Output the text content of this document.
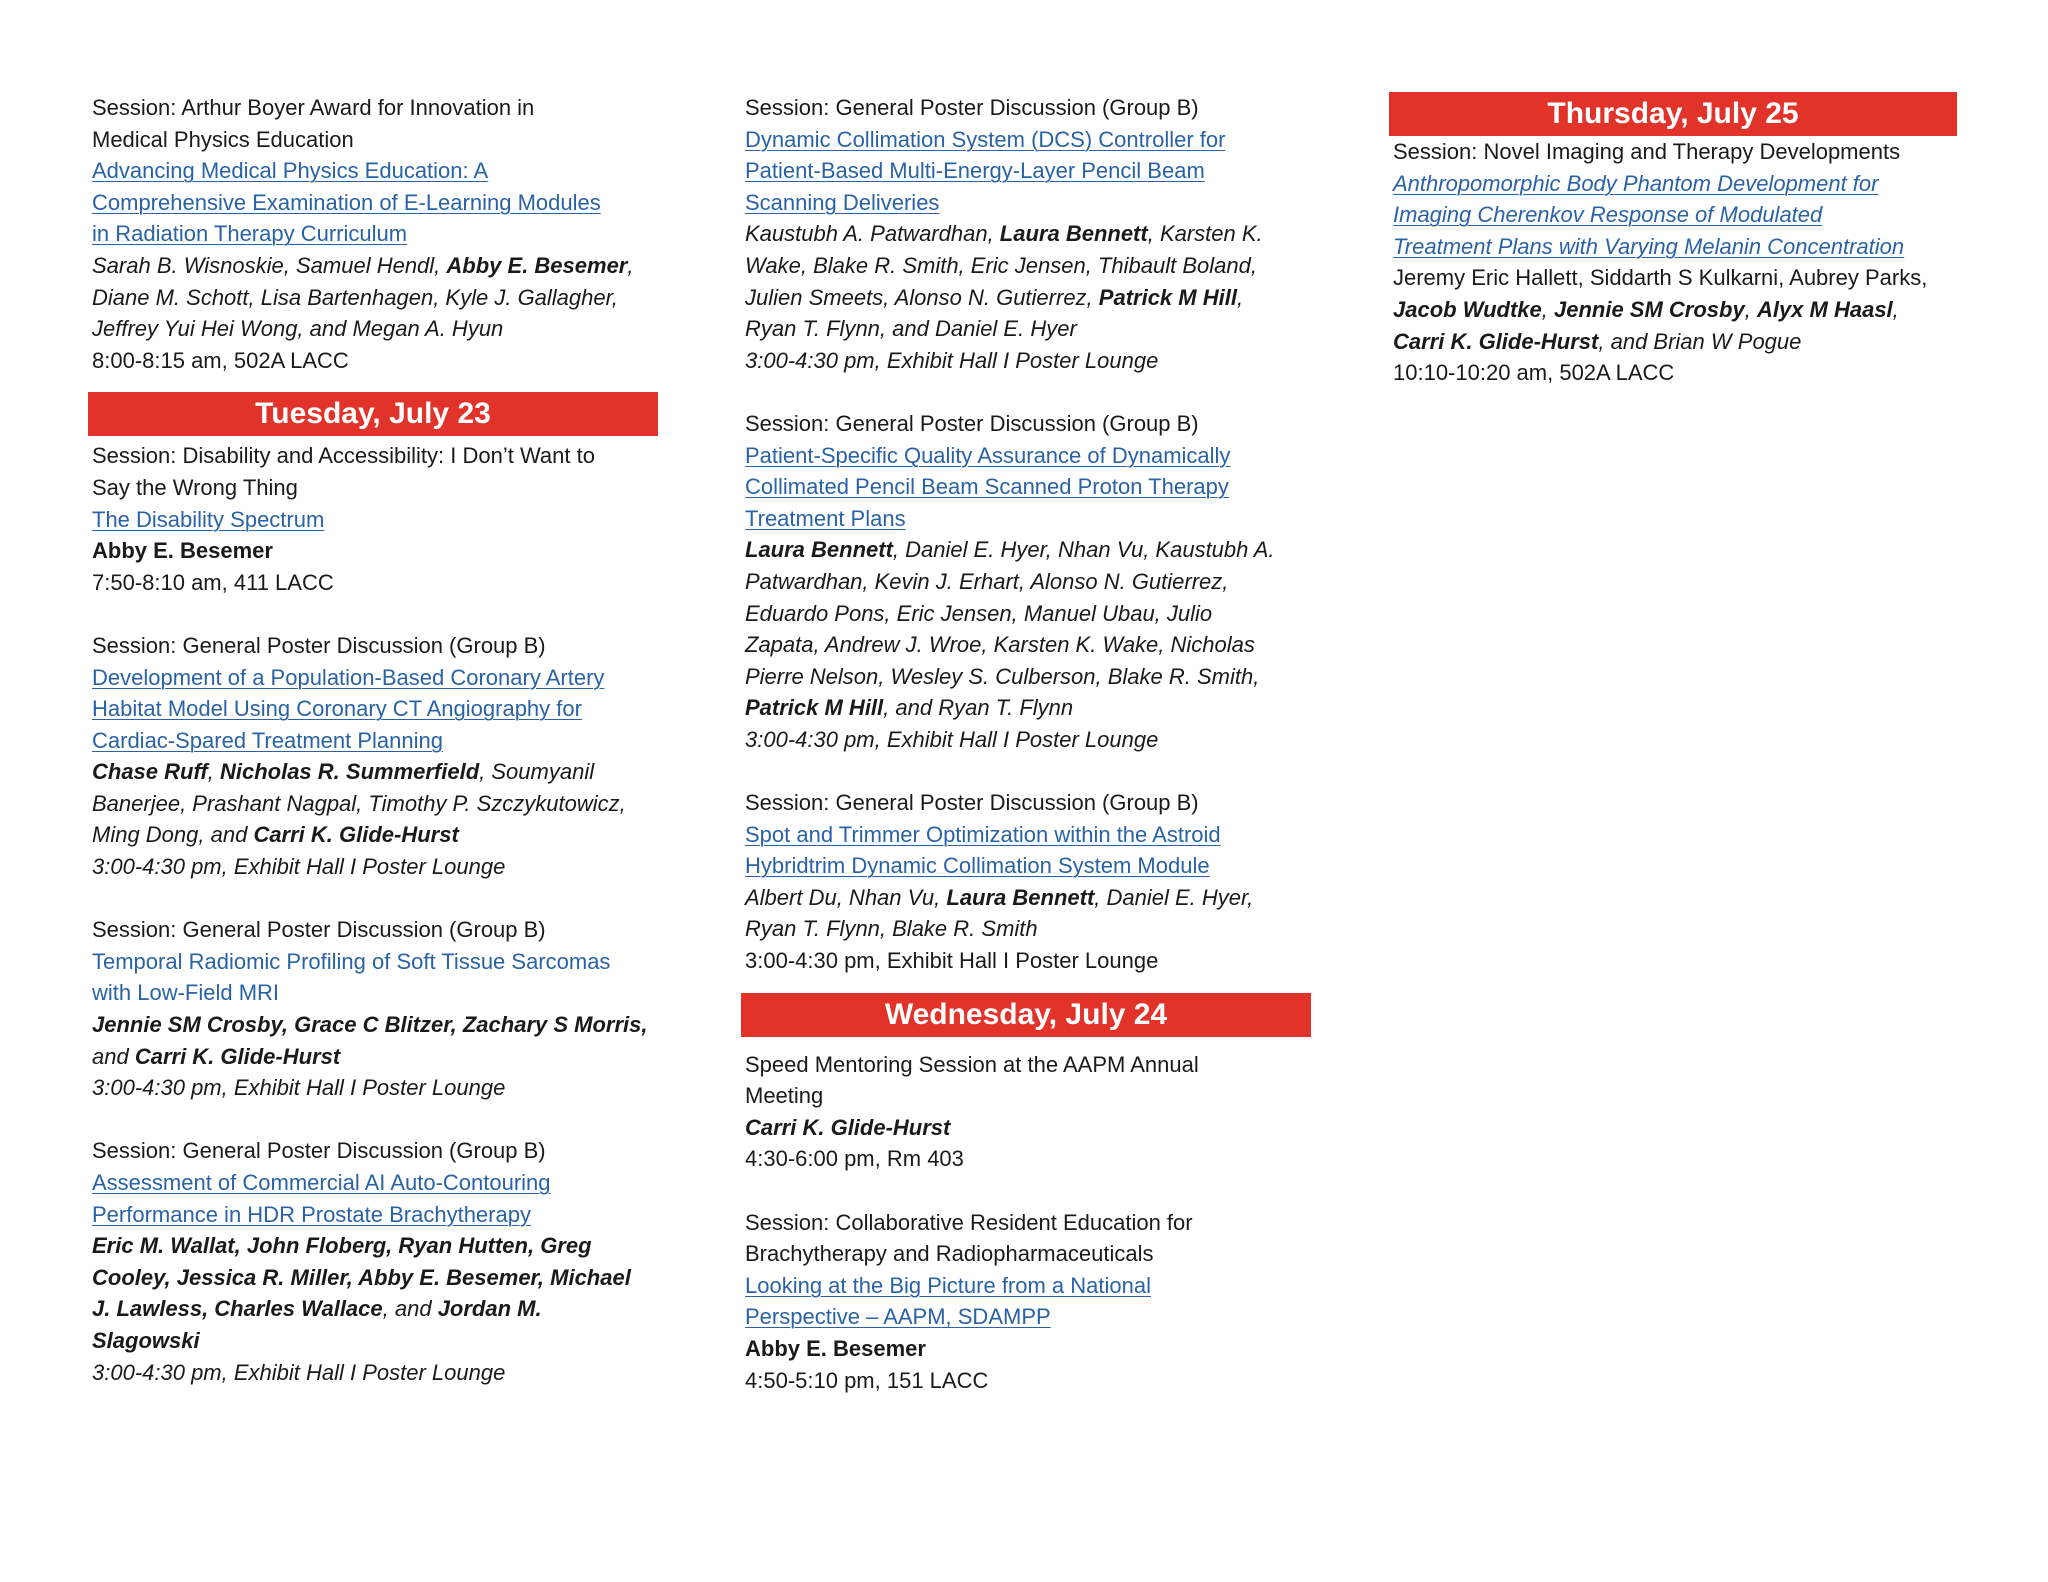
Session: Arthur Boyer Award for Innovation in
Medical Physics Education
Advancing Medical Physics Education: A
Comprehensive Examination of E-Learning Modules
in Radiation Therapy Curriculum
Sarah B. Wisnoskie, Samuel Hendl, Abby E. Besemer,
Diane M. Schott, Lisa Bartenhagen, Kyle J. Gallagher,
Jeffrey Yui Hei Wong, and Megan A. Hyun
8:00-8:15 am, 502A LACC
Tuesday, July 23
Session: Disability and Accessibility: I Don’t Want to
Say the Wrong Thing
The Disability Spectrum
Abby E. Besemer
7:50-8:10 am, 411 LACC
Session: General Poster Discussion (Group B)
Development of a Population-Based Coronary Artery
Habitat Model Using Coronary CT Angiography for
Cardiac-Spared Treatment Planning
Chase Ruff, Nicholas R. Summerfield, Soumyanil
Banerjee, Prashant Nagpal, Timothy P. Szczykutowicz,
Ming Dong, and Carri K. Glide-Hurst
3:00-4:30 pm, Exhibit Hall I Poster Lounge
Session: General Poster Discussion (Group B)
Temporal Radiomic Profiling of Soft Tissue Sarcomas
with Low-Field MRI
Jennie SM Crosby, Grace C Blitzer, Zachary S Morris,
and Carri K. Glide-Hurst
3:00-4:30 pm, Exhibit Hall I Poster Lounge
Session: General Poster Discussion (Group B)
Assessment of Commercial AI Auto-Contouring
Performance in HDR Prostate Brachytherapy
Eric M. Wallat, John Floberg, Ryan Hutten, Greg
Cooley, Jessica R. Miller, Abby E. Besemer, Michael
J. Lawless, Charles Wallace, and Jordan M.
Slagowski
3:00-4:30 pm, Exhibit Hall I Poster Lounge
Session: General Poster Discussion (Group B)
Dynamic Collimation System (DCS) Controller for
Patient-Based Multi-Energy-Layer Pencil Beam
Scanning Deliveries
Kaustubh A. Patwardhan, Laura Bennett, Karsten K.
Wake, Blake R. Smith, Eric Jensen, Thibault Boland,
Julien Smeets, Alonso N. Gutierrez, Patrick M Hill,
Ryan T. Flynn, and Daniel E. Hyer
3:00-4:30 pm, Exhibit Hall I Poster Lounge
Session: General Poster Discussion (Group B)
Patient-Specific Quality Assurance of Dynamically
Collimated Pencil Beam Scanned Proton Therapy
Treatment Plans
Laura Bennett, Daniel E. Hyer, Nhan Vu, Kaustubh A.
Patwardhan, Kevin J. Erhart, Alonso N. Gutierrez,
Eduardo Pons, Eric Jensen, Manuel Ubau, Julio
Zapata, Andrew J. Wroe, Karsten K. Wake, Nicholas
Pierre Nelson, Wesley S. Culberson, Blake R. Smith,
Patrick M Hill, and Ryan T. Flynn
3:00-4:30 pm, Exhibit Hall I Poster Lounge
Session: General Poster Discussion (Group B)
Spot and Trimmer Optimization within the Astroid
Hybridtrim Dynamic Collimation System Module
Albert Du, Nhan Vu, Laura Bennett, Daniel E. Hyer,
Ryan T. Flynn, Blake R. Smith
3:00-4:30 pm, Exhibit Hall I Poster Lounge
Wednesday, July 24
Speed Mentoring Session at the AAPM Annual
Meeting
Carri K. Glide-Hurst
4:30-6:00 pm, Rm 403
Session: Collaborative Resident Education for
Brachytherapy and Radiopharmaceuticals
Looking at the Big Picture from a National
Perspective – AAPM, SDAMPP
Abby E. Besemer
4:50-5:10 pm, 151 LACC
Thursday, July 25
Session: Novel Imaging and Therapy Developments
Anthropomorphic Body Phantom Development for
Imaging Cherenkov Response of Modulated
Treatment Plans with Varying Melanin Concentration
Jeremy Eric Hallett, Siddarth S Kulkarni, Aubrey Parks,
Jacob Wudtke, Jennie SM Crosby, Alyx M Haasl,
Carri K. Glide-Hurst, and Brian W Pogue
10:10-10:20 am, 502A LACC
